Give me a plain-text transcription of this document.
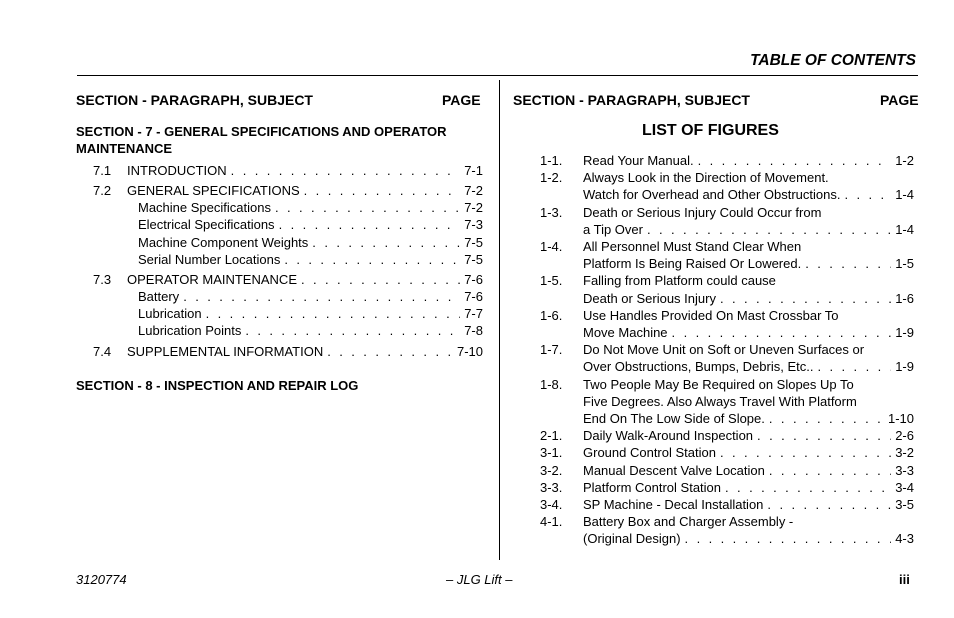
TABLE OF CONTENTS
SECTION - PARAGRAPH, SUBJECT	PAGE
SECTION - 7 - GENERAL SPECIFICATIONS AND OPERATOR MAINTENANCE
7.1 INTRODUCTION . . .	7-1
7.2 GENERAL SPECIFICATIONS . . .	7-2
Machine Specifications . . .	7-2
Electrical Specifications . . .	7-3
Machine Component Weights . . .	7-5
Serial Number Locations . . .	7-5
7.3 OPERATOR MAINTENANCE . . .	7-6
Battery . . .	7-6
Lubrication . . .	7-7
Lubrication Points . . .	7-8
7.4 SUPPLEMENTAL INFORMATION . . .	7-10
SECTION - 8 - INSPECTION AND REPAIR LOG
SECTION - PARAGRAPH, SUBJECT	PAGE
LIST OF FIGURES
1-1. Read Your Manual. . . .	1-2
1-2. Always Look in the Direction of Movement.
Watch for Overhead and Other Obstructions. . . .	1-4
1-3. Death or Serious Injury Could Occur from
a Tip Over . . .	1-4
1-4. All Personnel Must Stand Clear When
Platform Is Being Raised Or Lowered. . . .	1-5
1-5. Falling from Platform could cause
Death or Serious Injury . . .	1-6
1-6. Use Handles Provided On Mast Crossbar To
Move Machine . . .	1-9
1-7. Do Not Move Unit on Soft or Uneven Surfaces or
Over Obstructions, Bumps, Debris, Etc.. . . .	1-9
1-8. Two People May Be Required on Slopes Up To
Five Degrees. Also Always Travel With Platform
End On The Low Side of Slope. . . .	1-10
2-1. Daily Walk-Around Inspection . . .	2-6
3-1. Ground Control Station . . .	3-2
3-2. Manual Descent Valve Location . . .	3-3
3-3. Platform Control Station . . .	3-4
3-4. SP Machine - Decal Installation . . .	3-5
4-1. Battery Box and Charger Assembly -
(Original Design) . . .	4-3
3120774	– JLG Lift –	iii
